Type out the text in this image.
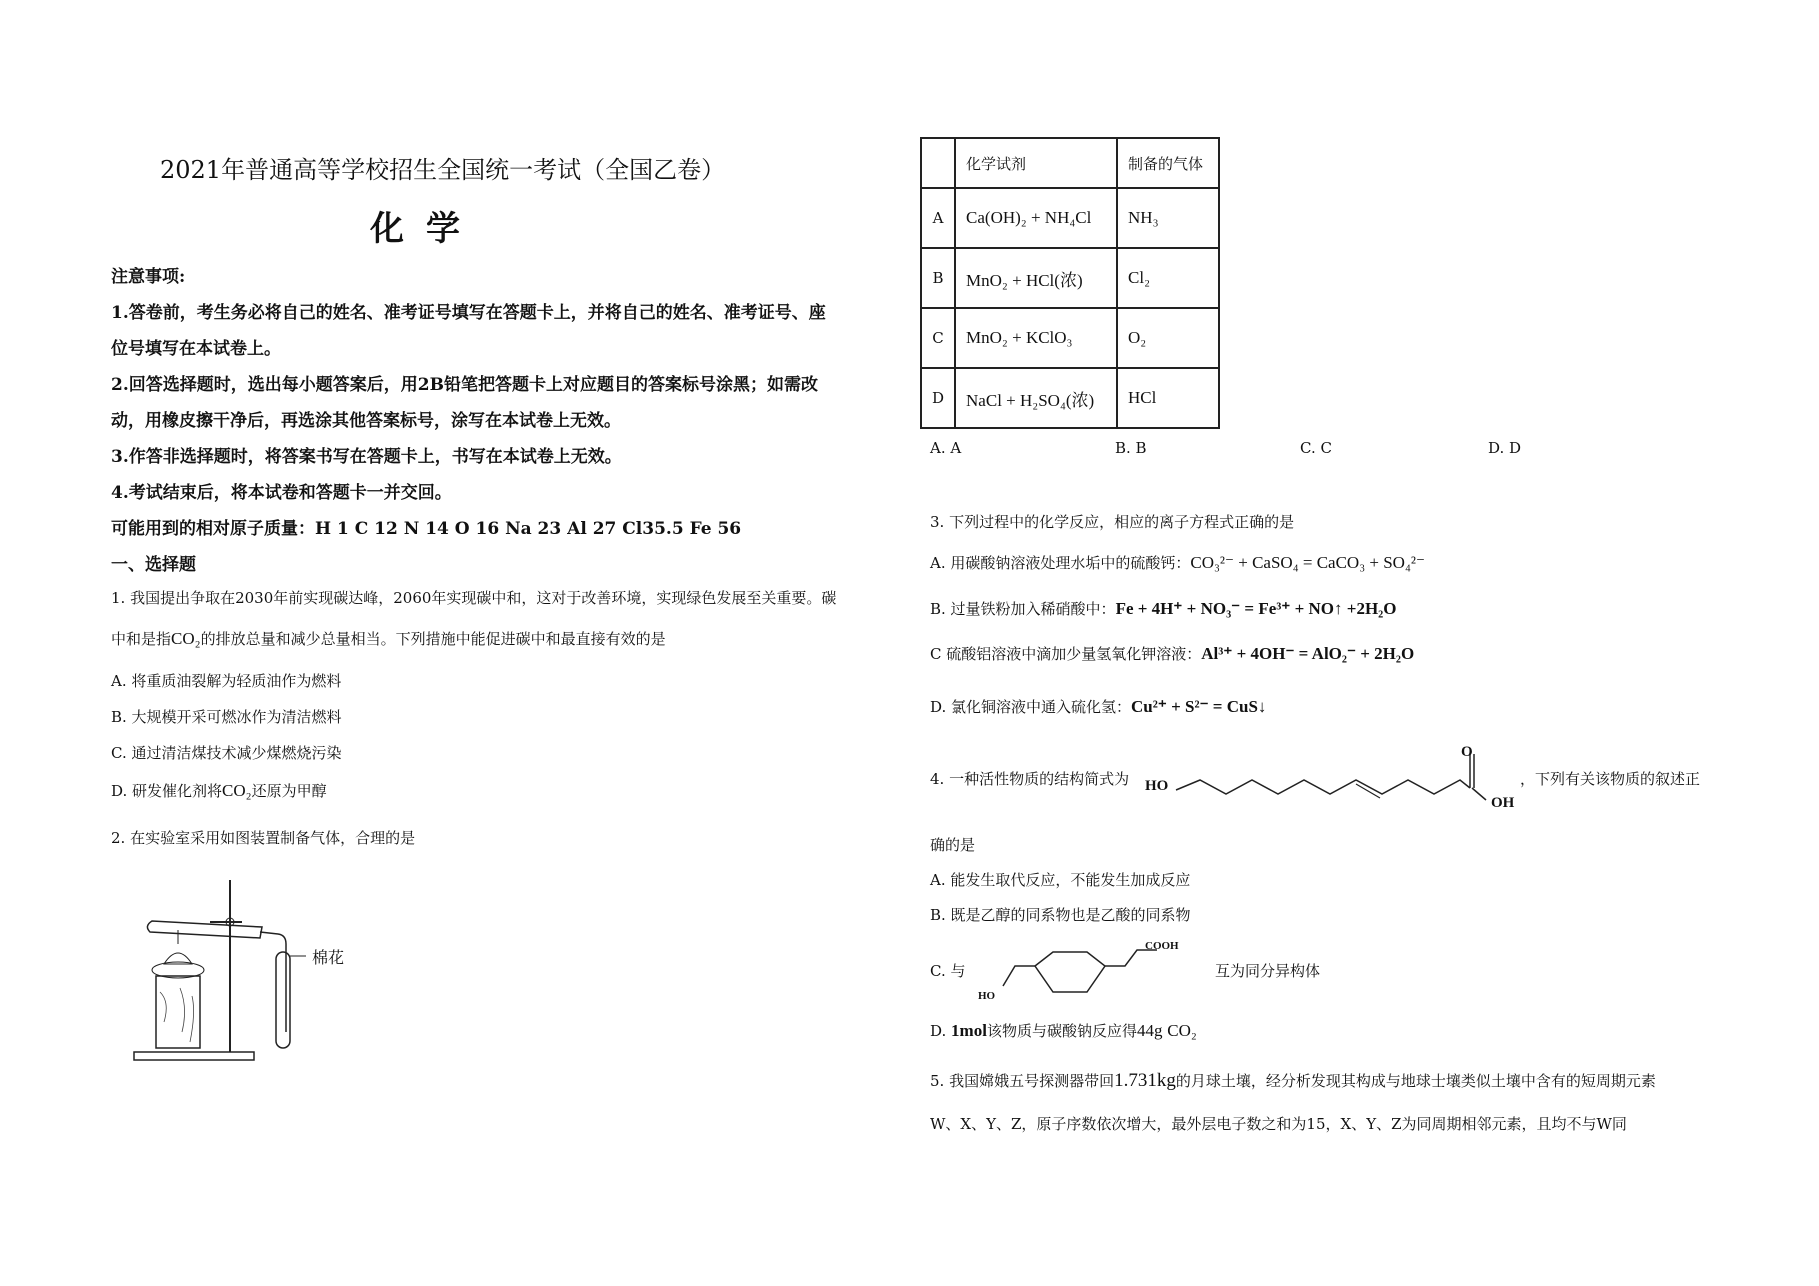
2021年普通高等学校招生全国统一考试（全国乙卷）
化学
注意事项:
1.答卷前，考生务必将自己的姓名、准考证号填写在答题卡上，并将自己的姓名、准考证号、座
位号填写在本试卷上。
2.回答选择题时，选出每小题答案后，用2B铅笔把答题卡上对应题目的答案标号涂黑；如需改
动，用橡皮擦干净后，再选涂其他答案标号，涂写在本试卷上无效。
3.作答非选择题时，将答案书写在答题卡上，书写在本试卷上无效。
4.考试结束后，将本试卷和答题卡一并交回。
可能用到的相对原子质量：H 1 C 12 N 14 O 16 Na 23 Al 27 Cl35.5 Fe 56
一、选择题
1. 我国提出争取在2030年前实现碳达峰，2060年实现碳中和，这对于改善环境，实现绿色发展至关重要。碳
中和是指CO₂的排放总量和减少总量相当。下列措施中能促进碳中和最直接有效的是
A. 将重质油裂解为轻质油作为燃料
B. 大规模开采可燃冰作为清洁燃料
C. 通过清洁煤技术减少煤燃烧污染
D. 研发催化剂将CO₂还原为甲醇
2. 在实验室采用如图装置制备气体，合理的是
棉花
	化学试剂	制备的气体
A	Ca(OH)₂ + NH₄Cl	NH₃
B	MnO₂ + HCl(浓)	Cl₂
C	MnO₂ + KClO₃	O₂
D	NaCl + H₂SO₄(浓)	HCl
A. A	B. B	C. C	D. D
3. 下列过程中的化学反应，相应的离子方程式正确的是
A. 用碳酸钠溶液处理水垢中的硫酸钙：CO₃²⁻ + CaSO₄ = CaCO₃ + SO₄²⁻
B. 过量铁粉加入稀硝酸中：Fe + 4H⁺ + NO₃⁻ = Fe³⁺ + NO↑ +2H₂O
C 硫酸铝溶液中滴加少量氢氧化钾溶液：Al³⁺ + 4OH⁻ = AlO₂⁻ + 2H₂O
D. 氯化铜溶液中通入硫化氢：Cu²⁺ + S²⁻ = CuS↓
4. 一种活性物质的结构简式为 HO
O
OH
，下列有关该物质的叙述正
确的是
A. 能发生取代反应，不能发生加成反应
B. 既是乙醇的同系物也是乙酸的同系物
C. 与
COOH
HO
互为同分异构体
D. 1mol该物质与碳酸钠反应得44g CO₂
5. 我国嫦娥五号探测器带回1.731kg的月球土壤，经分析发现其构成与地球士壤类似土壤中含有的短周期元素
W、X、Y、Z，原子序数依次增大，最外层电子数之和为15，X、Y、Z为同周期相邻元素，且均不与W同
